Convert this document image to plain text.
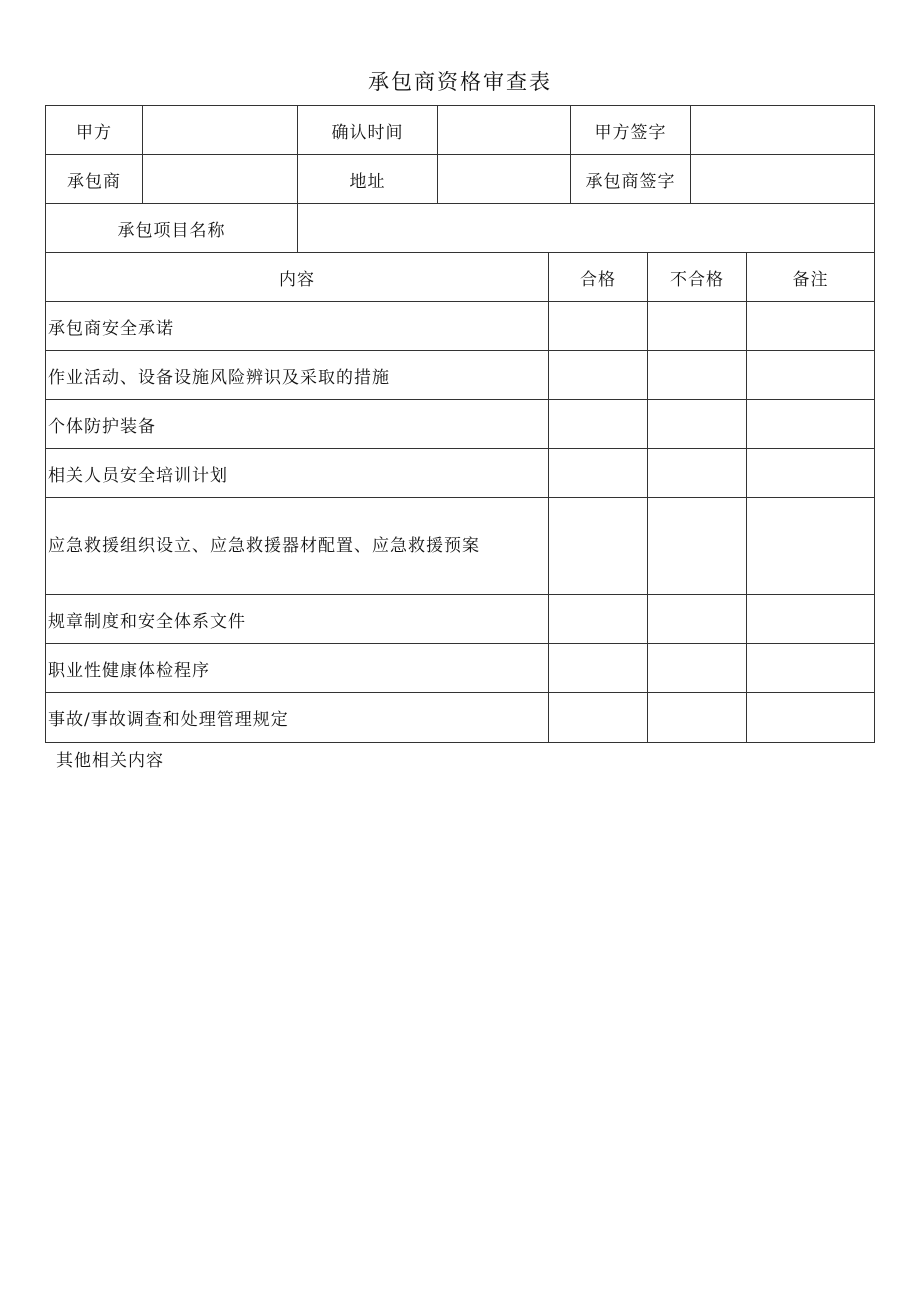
承包商资格审查表
甲方		确认时间			甲方签字			
承包商		地址			承包商签字			
承包项目名称								
内容				合格		不合格		备注
承包商安全承诺								
作业活动、设备设施风险辨识及采取的措施								
个体防护装备								
相关人员安全培训计划								
应急救援组织设立、应急救援器材配置、应急救援预案								
规章制度和安全体系文件								
职业性健康体检程序								
事故/事故调查和处理管理规定								
其他相关内容
